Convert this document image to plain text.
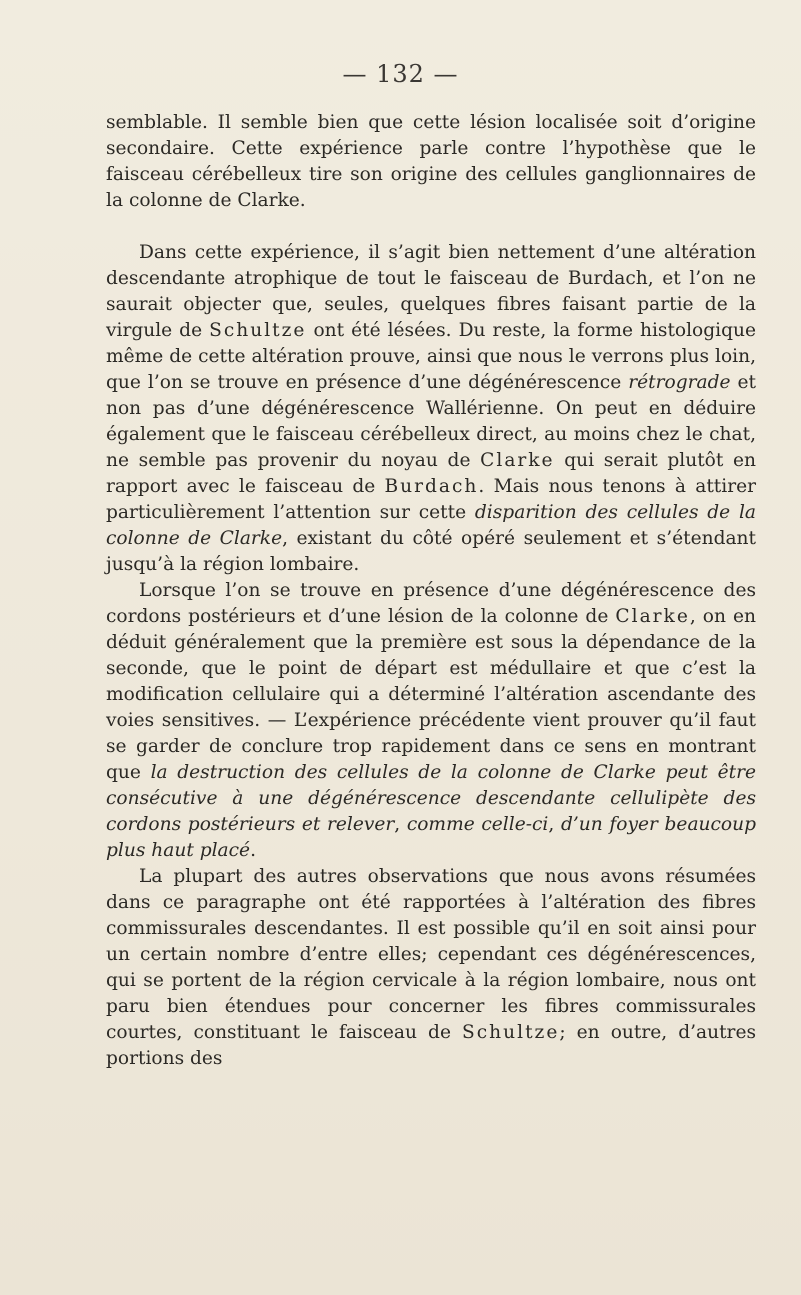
— 132 —

semblable. Il semble bien que cette lésion localisée soit d’origine secondaire. Cette expérience parle contre l’hypothèse que le faisceau cérébelleux tire son origine des cellules ganglionnaires de la colonne de Clarke.

Dans cette expérience, il s’agit bien nettement d’une altération descendante atrophique de tout le faisceau de Burdach, et l’on ne saurait objecter que, seules, quelques fibres faisant partie de la virgule de Schultze ont été lésées. Du reste, la forme histologique même de cette altération prouve, ainsi que nous le verrons plus loin, que l’on se trouve en présence d’une dégénérescence rétrograde et non pas d’une dégénérescence Wallérienne. On peut en déduire également que le faisceau cérébelleux direct, au moins chez le chat, ne semble pas provenir du noyau de Clarke qui serait plutôt en rapport avec le faisceau de Burdach. Mais nous tenons à attirer particulièrement l’attention sur cette disparition des cellules de la colonne de Clarke, existant du côté opéré seulement et s’étendant jusqu’à la région lombaire.

Lorsque l’on se trouve en présence d’une dégénérescence des cordons postérieurs et d’une lésion de la colonne de Clarke, on en déduit généralement que la première est sous la dépendance de la seconde, que le point de départ est médullaire et que c’est la modification cellulaire qui a déterminé l’altération ascendante des voies sensitives. — L’expérience précédente vient prouver qu’il faut se garder de conclure trop rapidement dans ce sens en montrant que la destruction des cellules de la colonne de Clarke peut être consécutive à une dégénérescence descendante cellulipète des cordons postérieurs et relever, comme celle-ci, d’un foyer beaucoup plus haut placé.

La plupart des autres observations que nous avons résumées dans ce paragraphe ont été rapportées à l’altération des fibres commissurales descendantes. Il est possible qu’il en soit ainsi pour un certain nombre d’entre elles; cependant ces dégénérescences, qui se portent de la région cervicale à la région lombaire, nous ont paru bien étendues pour concerner les fibres commissurales courtes, constituant le faisceau de Schultze; en outre, d’autres portions des
